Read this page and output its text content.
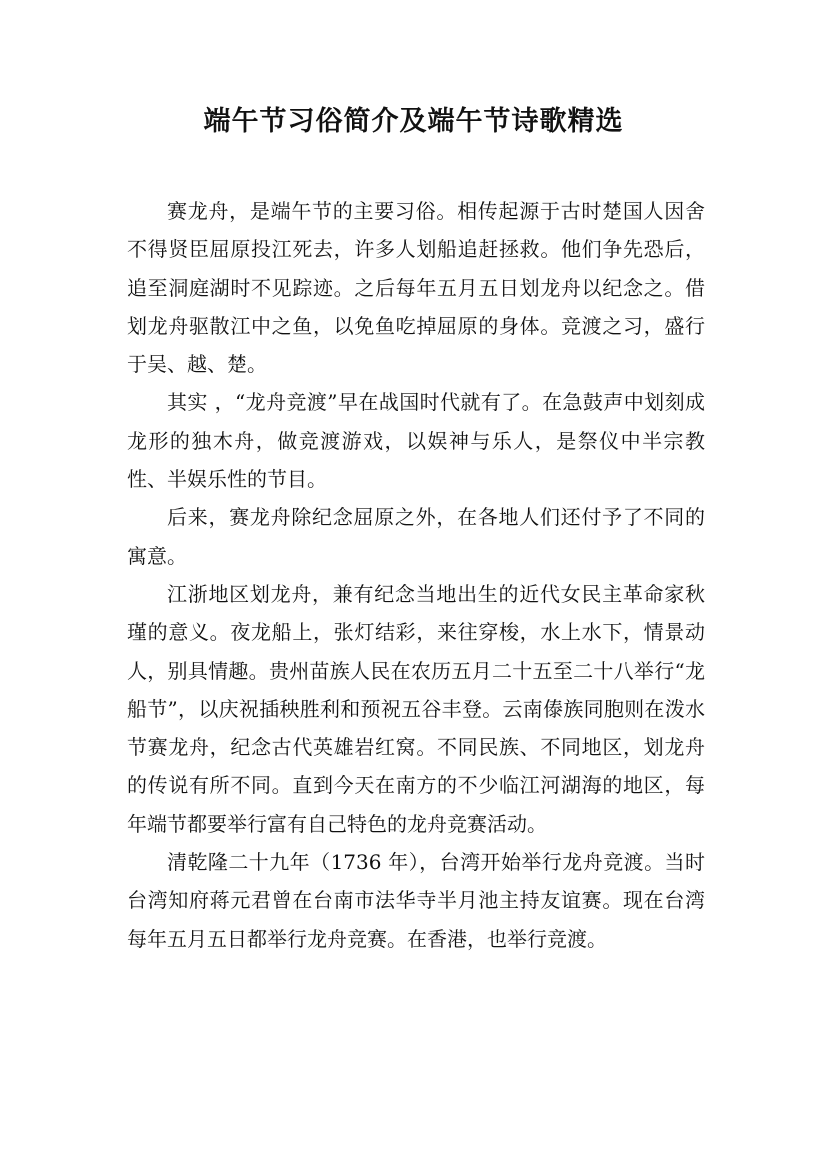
端午节习俗简介及端午节诗歌精选

赛龙舟，是端午节的主要习俗。相传起源于古时楚国人因舍不得贤臣屈原投江死去，许多人划船追赶拯救。他们争先恐后，追至洞庭湖时不见踪迹。之后每年五月五日划龙舟以纪念之。借划龙舟驱散江中之鱼，以免鱼吃掉屈原的身体。竞渡之习，盛行于吴、越、楚。

其实 ，“龙舟竞渡”早在战国时代就有了。在急鼓声中划刻成龙形的独木舟，做竞渡游戏，以娱神与乐人，是祭仪中半宗教性、半娱乐性的节目。

后来，赛龙舟除纪念屈原之外，在各地人们还付予了不同的寓意。

江浙地区划龙舟，兼有纪念当地出生的近代女民主革命家秋瑾的意义。夜龙船上，张灯结彩，来往穿梭，水上水下，情景动人，别具情趣。贵州苗族人民在农历五月二十五至二十八举行“龙船节”，以庆祝插秧胜利和预祝五谷丰登。云南傣族同胞则在泼水节赛龙舟，纪念古代英雄岩红窝。不同民族、不同地区，划龙舟的传说有所不同。直到今天在南方的不少临江河湖海的地区，每年端节都要举行富有自己特色的龙舟竞赛活动。

清乾隆二十九年（1736 年），台湾开始举行龙舟竞渡。当时台湾知府蒋元君曾在台南市法华寺半月池主持友谊赛。现在台湾每年五月五日都举行龙舟竞赛。在香港，也举行竞渡。
